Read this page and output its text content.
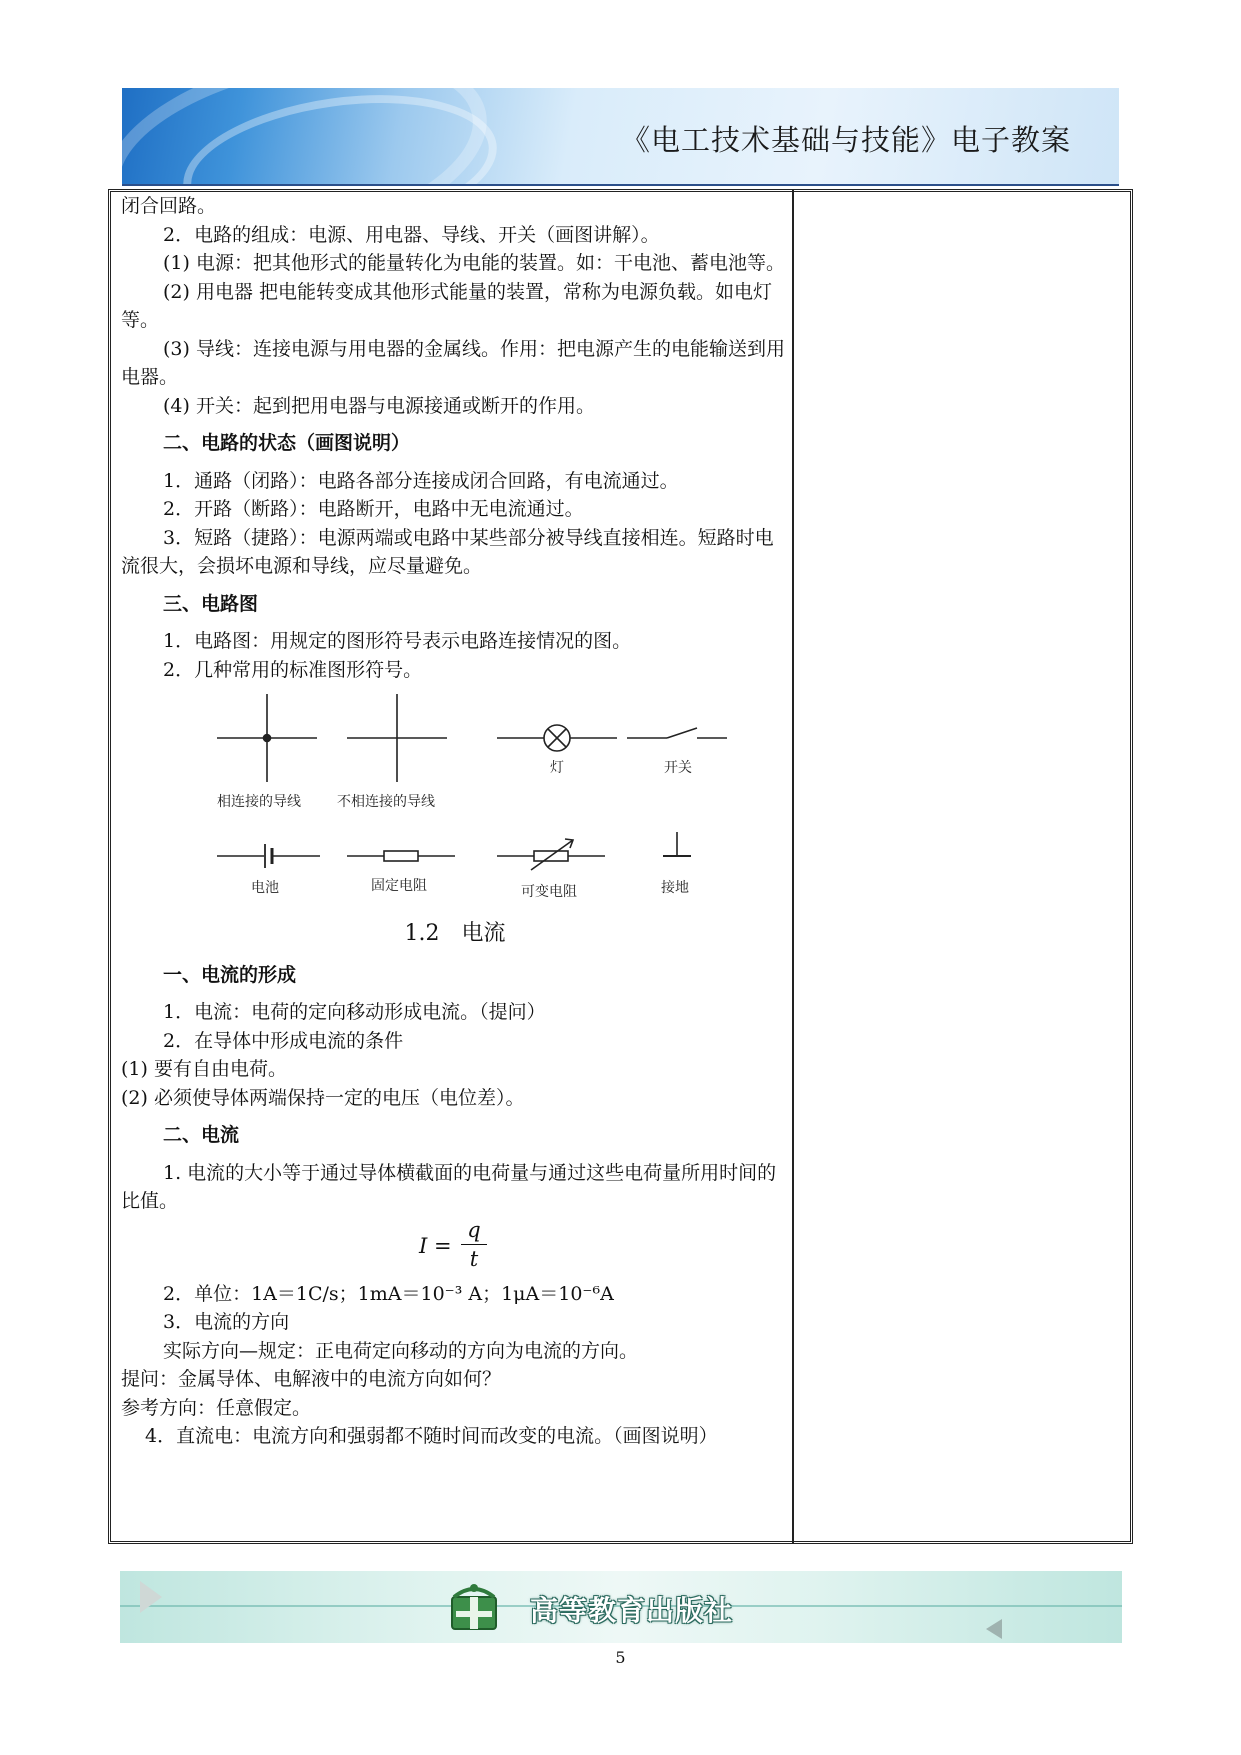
《电工技术基础与技能》电子教案

闭合回路。

2．电路的组成：电源、用电器、导线、开关（画图讲解）。

(1) 电源：把其他形式的能量转化为电能的装置。如：干电池、蓄电池等。

(2) 用电器 把电能转变成其他形式能量的装置，常称为电源负载。如电灯等。

(3) 导线：连接电源与用电器的金属线。作用：把电源产生的电能输送到用电器。

(4) 开关：起到把用电器与电源接通或断开的作用。

二、电路的状态（画图说明）

1．通路（闭路）：电路各部分连接成闭合回路，有电流通过。

2．开路（断路）：电路断开，电路中无电流通过。

3．短路（捷路）：电源两端或电路中某些部分被导线直接相连。短路时电流很大，会损坏电源和导线，应尽量避免。

三、电路图

1．电路图：用规定的图形符号表示电路连接情况的图。

2．几种常用的标准图形符号。

相连接的导线	不相连接的导线
灯	开关
电池	固定电阻	可变电阻	接地

1.2 电流

一、电流的形成

1．电流：电荷的定向移动形成电流。（提问）

2．在导体中形成电流的条件

(1) 要有自由电荷。

(2) 必须使导体两端保持一定的电压（电位差）。

二、电流

1. 电流的大小等于通过导体横截面的电荷量与通过这些电荷量所用时间的比值。

I =
q
t

2．单位：1A＝1C/s；1mA＝10⁻³ A；1μA＝10⁻⁶A

3．电流的方向

实际方向—规定：正电荷定向移动的方向为电流的方向。

提问：金属导体、电解液中的电流方向如何？

参考方向：任意假定。

4．直流电：电流方向和强弱都不随时间而改变的电流。（画图说明）

高等教育出版社
5
